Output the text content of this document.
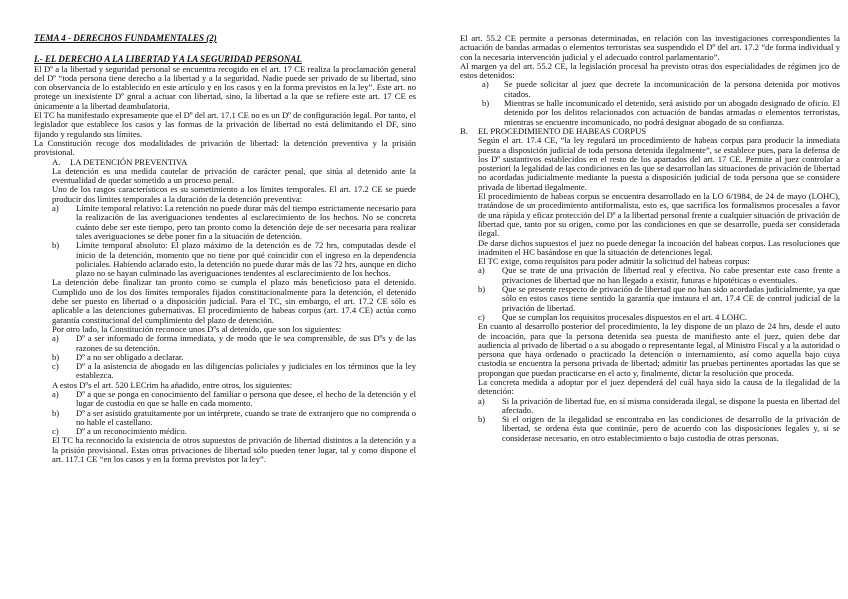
TEMA 4 - DERECHOS FUNDAMENTALES (2)

I.- EL DERECHO A LA LIBERTAD Y A LA SEGURIDAD PERSONAL

El Dº a la libertad y seguridad personal se encuentra recogido en el art. 17 CE realiza la proclamación general del Dº “toda persona tiene derecho a la libertad y a la seguridad. Nadie puede ser privado de su libertad, sino con observancia de lo establecido en este artículo y en los casos y en la forma previstos en la ley”. Este art. no protege un inexistente Dº gnral a actuar con libertad, sino, la libertad a la que se refiere este art. 17 CE es únicamente a la libertad deambulatoria.

El TC ha manifestado expresamente que el Dº del art. 17.1 CE no es un Dº de configuración legal. Por tanto, el legislador que establece los casos y las formas de la privación de libertad no está delimitando el DF, sino fijando y regulando sus límites.

La Constitución recoge dos modalidades de privación de libertad: la detención preventiva y la prisión provisional.

A.	LA DETENCIÓN PREVENTIVA

La detención es una medida cautelar de privación de carácter penal, que sitúa al detenido ante la eventualidad de quedar sometido a un proceso penal.

Uno de los rasgos característicos es su sometimiento a los límites temporales. El art. 17.2 CE se puede producir dos límites temporales a la duración de la detención preventiva:

a)	Límite temporal relativo: La retención no puede durar más del tiempo estrictamente necesario para la realización de las averiguaciones tendentes al esclarecimiento de los hechos. No se concreta cuánto debe ser este tiempo, pero tan pronto como la detención deje de ser necesaria para realizar tales averiguaciones se debe poner fin a la situación de detención.
b)	Límite temporal absoluto: El plazo máximo de la detención es de 72 hrs, computadas desde el inicio de la detención, momento que no tiene por qué coincidir con el ingreso en la dependencia policiales. Habiendo aclarado esto, la detención no puede durar más de las 72 hrs, aunque en dicho plazo no se hayan culminado las averiguaciones tendentes al esclarecimiento de los hechos.

La detención debe finalizar tan pronto como se cumpla el plazo más beneficioso para el detenido. Cumplido uno de los dos límites temporales fijados constitucionalmente para la detención, el detenido debe ser puesto en libertad o a disposición judicial. Para el TC, sin embargo, el art. 17.2 CE sólo es aplicable a las detenciones gubernativas. El procedimiento de habeas corpus (art. 17.4 CE) actúa como garantía constitucional del cumplimiento del plazo de detención.

Por otro lado, la Constitución reconoce unos Dºs al detenido, que son los siguientes:

a)	Dº a ser informado de forma inmediata, y de modo que le sea comprensible, de sus Dºs y de las razones de su detención.
b)	Dº a no ser obligado a declarar.
c)	Dº a la asistencia de abogado en las diligencias policiales y judiciales en los términos que la ley establezca.

A estos Dºs el art. 520 LECrim ha añadido, entre otros, los siguientes:

a)	Dº a que se ponga en conocimiento del familiar o persona que desee, el hecho de la detención y el lugar de custodia en que se halle en cada momento.
b)	Dº a ser asistido gratuitamente por un intérprete, cuando se trate de extranjero que no comprenda o no hable el castellano.
c)	Dº a un reconocimiento médico.

El TC ha reconocido la existencia de otros supuestos de privación de libertad distintos a la detención y a la prisión provisional. Estas otras privaciones de libertad sólo pueden tener lugar, tal y como dispone el art. 117.1 CE “en los casos y en la forma previstos por la ley”.

El art. 55.2 CE permite a personas determinadas, en relación con las investigaciones correspondientes la actuación de bandas armadas o elementos terroristas sea suspendido el Dº del art. 17.2 “de forma individual y con la necesaria intervención judicial y el adecuado control parlamentario”.

Al margen ya del art. 55.2 CE, la legislación procesal ha previsto otras dos especialidades de régimen jco de estos detenidos:

a)	Se puede solicitar al juez que decrete la incomunicación de la persona detenida por motivos citados.
b)	Mientras se halle incomunicado el detenido, será asistido por un abogado designado de oficio. El detenido por los delitos relacionados con actuación de bandas armadas o elementos terroristas, mientras se encuentre incomunicado, no podrá designar abogado de su confianza.
B.	EL PROCEDIMIENTO DE HABEAS CORPUS

Según el art. 17.4 CE, “la ley regulará un procedimiento de habeas corpus para producir la inmediata puesta a disposición judicial de toda persona detenida ilegalmente”, se establece pues, para la defensa de los Dº sustantivos establecidos en el resto de los apartados del art. 17 CE. Permite al juez controlar a posteriori la legalidad de las condiciones en las que se desarrollan las situaciones de privación de libertad no acordadas judicialmente mediante la puesta a disposición judicial de toda persona que se considere privada de libertad ilegalmente.

El procedimiento de habeas corpus se encuentra desarrollado en la LO 6/1984, de 24 de mayo (LOHC), tratándose de un procedimiento antiformalista, esto es, que sacrifica los formalismos procesales a favor de una rápida y eficaz protección del Dº a la libertad personal frente a cualquier situación de privación de libertad que, tanto por su origen, como por las condiciones en que se desarrolle, pueda ser considerada ilegal.

De darse dichos supuestos el juez no puede denegar la incoación del habeas corpus. Las resoluciones que inadmiten el HC basándose en que la situación de detenciones legal.

El TC exige, como requisitos para poder admitir la solicitud del habeas corpus:

a)	Que se trate de una privación de libertad real y efectiva. No cabe presentar este caso frente a privaciones de libertad que no han llegado a existir, futuras e hipotéticas o eventuales.
b)	Que se presente respecto de privación de libertad que no han sido acordadas judicialmente, ya que sólo en estos casos tiene sentido la garantía que instaura el art. 17.4 CE de control judicial de la privación de libertad.
c)	Que se cumplan los requisitos procesales dispuestos en el art. 4 LOHC.

En cuanto al desarrollo posterior del procedimiento, la ley dispone de un plazo de 24 hrs, desde el auto de incoación, para que la persona detenida sea puesta de manifiesto ante el juez, quien debe dar audiencia al privado de libertad o a su abogado o representante legal, al Ministro Fiscal y a la autoridad o persona que haya ordenado o practicado la detención o internamiento, así como aquella bajo cuya custodia se encuentra la persona privada de libertad; admitir las pruebas pertinentes aportadas las que se propongan que puedan practicarse en el acto y, finalmente, dictar la resolución que proceda.

La concreta medida a adoptar por el juez dependerá del cuál haya sido la causa de la ilegalidad de la detención:

a)	Si la privación de libertad fue, en sí misma considerada ilegal, se dispone la puesta en libertad del afectado.
b)	Si el origen de la ilegalidad se encontraba en las condiciones de desarrollo de la privación de libertad, se ordena ésta que continúe, pero de acuerdo con las disposiciones legales y, si se considerase necesario, en otro establecimiento o bajo custodia de otras personas.
